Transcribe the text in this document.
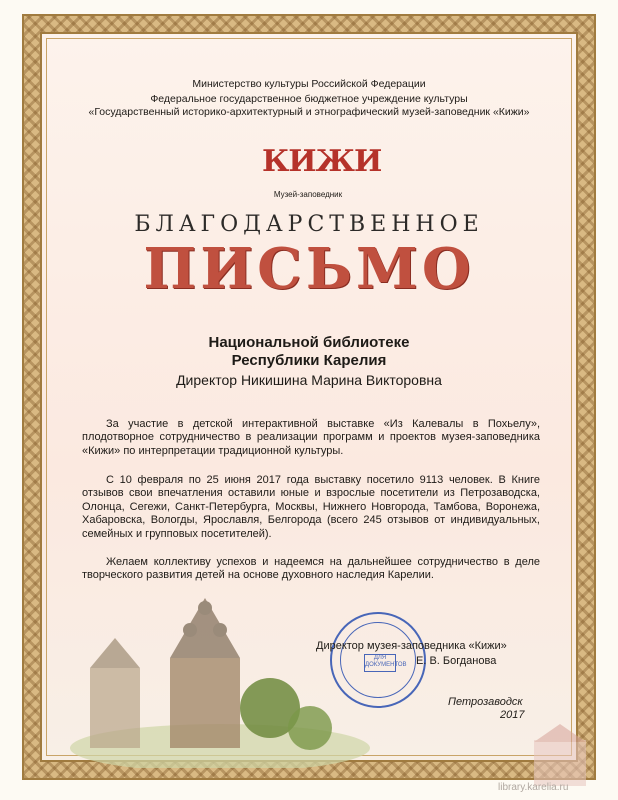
Министерство культуры Российской Федерации
Федеральное государственное бюджетное учреждение культуры
«Государственный историко-архитектурный и этнографический музей-заповедник «Кижи»
КИЖИ
Музей-заповедник
БЛАГОДАРСТВЕННОЕ
ПИСЬМО
Национальной библиотеке
Республики Карелия
Директор Никишина Марина Викторовна
За участие в детской интерактивной выставке «Из Калевалы в Похьелу», плодотворное сотрудничество в реализации программ и проектов музея-заповедника «Кижи» по интерпретации традиционной культуры.
С 10 февраля по 25 июня 2017 года выставку посетило 9113 человек. В Книге отзывов свои впечатления оставили юные и взрослые посетители из Петрозаводска, Олонца, Сегежи, Санкт-Петербурга, Москвы, Нижнего Новгорода, Тамбова, Воронежа, Хабаровска, Вологды, Ярославля, Белгорода (всего 245 отзывов от индивидуальных, семейных и групповых посетителей).
Желаем коллективу успехов и надеемся на дальнейшее сотрудничество в деле творческого развития детей на основе духовного наследия Карелии.
ДЛЯ ДОКУМЕНТОВ
Директор музея-заповедника «Кижи»
Е. В. Богданова
Петрозаводск
2017
library.karelia.ru
